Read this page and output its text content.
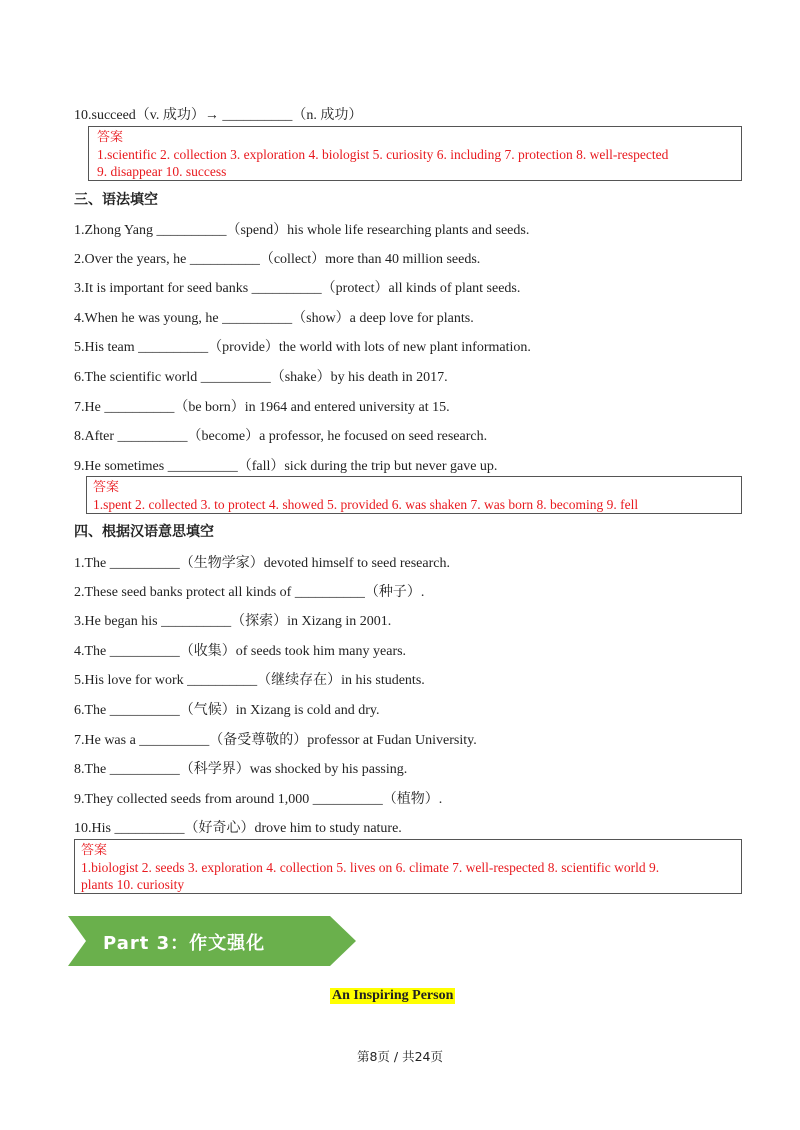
10.succeed（v. 成功）→ __________（n. 成功）
答案
1.scientific 2. collection 3. exploration 4. biologist 5. curiosity 6. including 7. protection 8. well-respected
9. disappear 10. success
三、语法填空
1.Zhong Yang __________（spend）his whole life researching plants and seeds.
2.Over the years, he __________（collect）more than 40 million seeds.
3.It is important for seed banks __________（protect）all kinds of plant seeds.
4.When he was young, he __________（show）a deep love for plants.
5.His team __________（provide）the world with lots of new plant information.
6.The scientific world __________（shake）by his death in 2017.
7.He __________（be born）in 1964 and entered university at 15.
8.After __________（become）a professor, he focused on seed research.
9.He sometimes __________（fall）sick during the trip but never gave up.
答案
1.spent 2. collected 3. to protect 4. showed 5. provided 6. was shaken 7. was born 8. becoming 9. fell
四、根据汉语意思填空
1.The __________（生物学家）devoted himself to seed research.
2.These seed banks protect all kinds of __________（种子）.
3.He began his __________（探索）in Xizang in 2001.
4.The __________（收集）of seeds took him many years.
5.His love for work __________（继续存在）in his students.
6.The __________（气候）in Xizang is cold and dry.
7.He was a __________（备受尊敬的）professor at Fudan University.
8.The __________（科学界）was shocked by his passing.
9.They collected seeds from around 1,000 __________（植物）.
10.His __________（好奇心）drove him to study nature.
答案
1.biologist 2. seeds 3. exploration 4. collection 5. lives on 6. climate 7. well-respected 8. scientific world 9.
plants 10. curiosity
Part 3：作文强化
An Inspiring Person
第8页 / 共24页
